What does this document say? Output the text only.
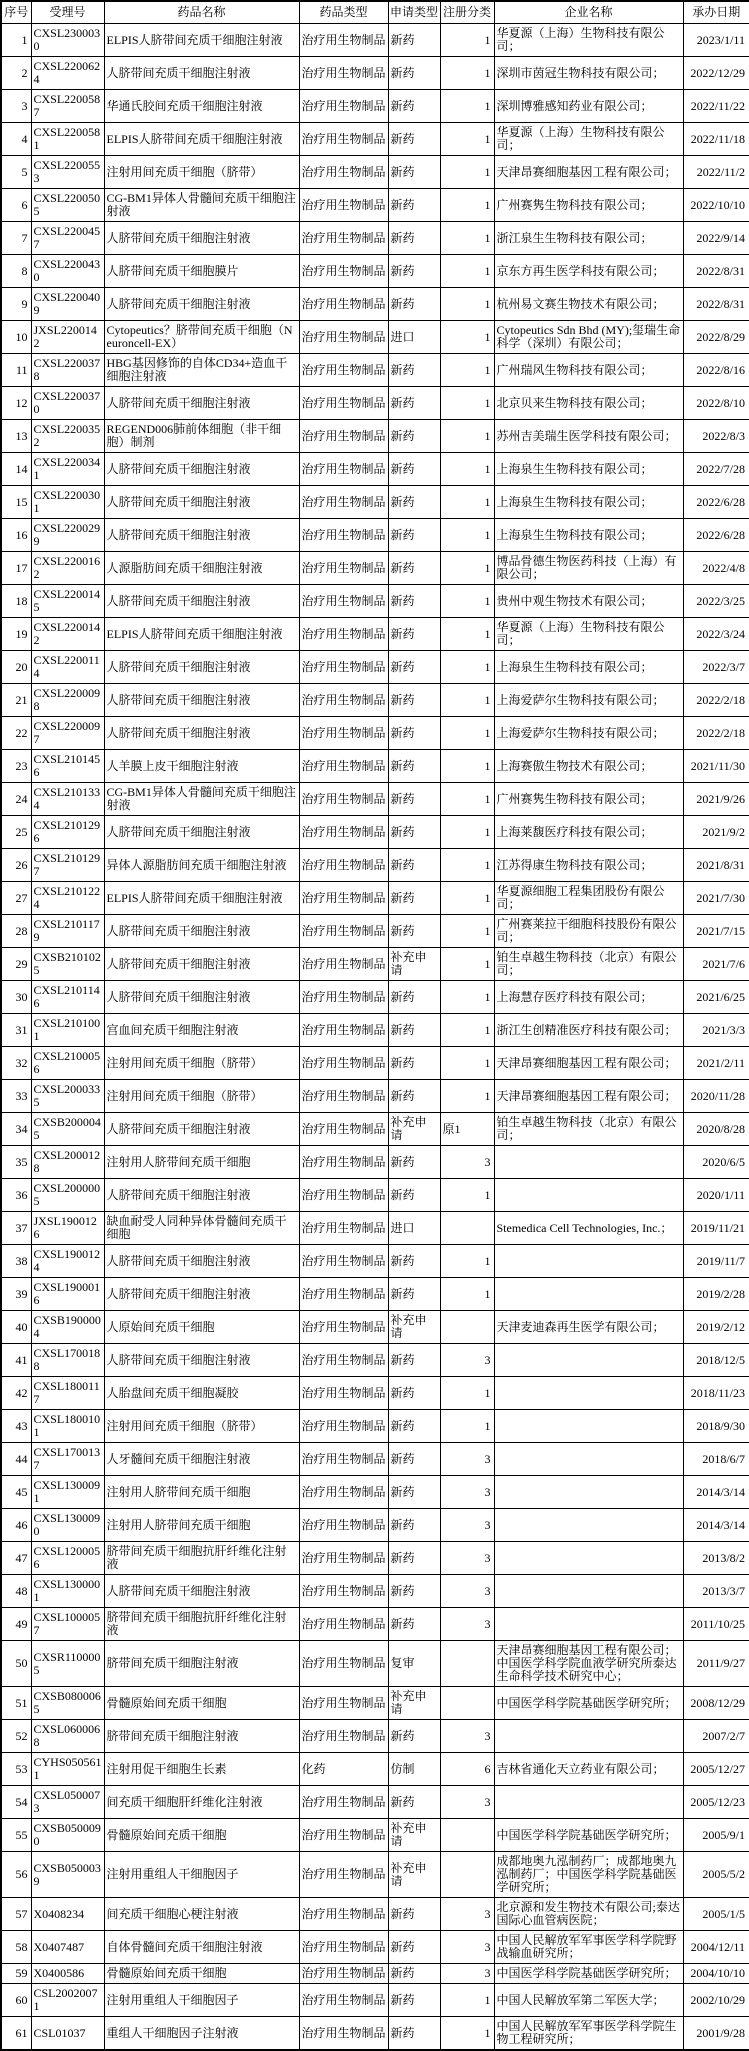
序号	受理号	药品名称	药品类型	申请类型	注册分类	企业名称	承办日期
1	CXSL2300030	ELPIS人脐带间充质干细胞注射液	治疗用生物制品	新药	1	华夏源（上海）生物科技有限公司；	2023/1/11
2	CXSL2200624	人脐带间充质干细胞注射液	治疗用生物制品	新药	1	深圳市茵冠生物科技有限公司；	2022/12/29
3	CXSL2200587	华通氏胶间充质干细胞注射液	治疗用生物制品	新药	1	深圳博雅感知药业有限公司；	2022/11/22
4	CXSL2200581	ELPIS人脐带间充质干细胞注射液	治疗用生物制品	新药	1	华夏源（上海）生物科技有限公司；	2022/11/18
5	CXSL2200553	注射用间充质干细胞（脐带）	治疗用生物制品	新药	1	天津昂赛细胞基因工程有限公司；	2022/11/2
6	CXSL2200505	CG-BM1异体人骨髓间充质干细胞注射液	治疗用生物制品	新药	1	广州赛隽生物科技有限公司；	2022/10/10
7	CXSL2200457	人脐带间充质干细胞注射液	治疗用生物制品	新药	1	浙江泉生生物科技有限公司；	2022/9/14
8	CXSL2200430	人脐带间充质干细胞膜片	治疗用生物制品	新药	1	京东方再生医学科技有限公司；	2022/8/31
9	CXSL2200409	人脐带间充质干细胞注射液	治疗用生物制品	新药	1	杭州易文赛生物技术有限公司；	2022/8/31
10	JXSL2200142	Cytopeutics？脐带间充质干细胞（Neuroncell-EX）	治疗用生物制品	进口	1	Cytopeutics Sdn Bhd (MY);玺瑞生命科学（深圳）有限公司；	2022/8/29
11	CXSL2200378	HBG基因修饰的自体CD34+造血干细胞注射液	治疗用生物制品	新药	1	广州瑞风生物科技有限公司；	2022/8/16
12	CXSL2200370	人脐带间充质干细胞注射液	治疗用生物制品	新药	1	北京贝来生物科技有限公司；	2022/8/10
13	CXSL2200352	REGEND006肺前体细胞（非干细胞）制剂	治疗用生物制品	新药	1	苏州吉美瑞生医学科技有限公司；	2022/8/3
14	CXSL2200341	人脐带间充质干细胞注射液	治疗用生物制品	新药	1	上海泉生生物科技有限公司；	2022/7/28
15	CXSL2200301	人脐带间充质干细胞注射液	治疗用生物制品	新药	1	上海泉生生物科技有限公司；	2022/6/28
16	CXSL2200299	人脐带间充质干细胞注射液	治疗用生物制品	新药	1	上海泉生生物科技有限公司；	2022/6/28
17	CXSL2200162	人源脂肪间充质干细胞注射液	治疗用生物制品	新药	1	博品骨德生物医药科技（上海）有限公司；	2022/4/8
18	CXSL2200145	人脐带间充质干细胞注射液	治疗用生物制品	新药	1	贵州中观生物技术有限公司；	2022/3/25
19	CXSL2200142	ELPIS人脐带间充质干细胞注射液	治疗用生物制品	新药	1	华夏源（上海）生物科技有限公司；	2022/3/24
20	CXSL2200114	人脐带间充质干细胞注射液	治疗用生物制品	新药	1	上海泉生生物科技有限公司；	2022/3/7
21	CXSL2200098	人脐带间充质干细胞注射液	治疗用生物制品	新药	1	上海爱萨尔生物科技有限公司；	2022/2/18
22	CXSL2200097	人脐带间充质干细胞注射液	治疗用生物制品	新药	1	上海爱萨尔生物科技有限公司；	2022/2/18
23	CXSL2101456	人羊膜上皮干细胞注射液	治疗用生物制品	新药	1	上海赛傲生物技术有限公司；	2021/11/30
24	CXSL2101334	CG-BM1异体人骨髓间充质干细胞注射液	治疗用生物制品	新药	1	广州赛隽生物科技有限公司；	2021/9/26
25	CXSL2101296	人脐带间充质干细胞注射液	治疗用生物制品	新药	1	上海莱馥医疗科技有限公司；	2021/9/2
26	CXSL2101297	异体人源脂肪间充质干细胞注射液	治疗用生物制品	新药	1	江苏得康生物科技有限公司；	2021/8/31
27	CXSL2101224	ELPIS人脐带间充质干细胞注射液	治疗用生物制品	新药	1	华夏源细胞工程集团股份有限公司；	2021/7/30
28	CXSL2101179	人脐带间充质干细胞注射液	治疗用生物制品	新药	1	广州赛莱拉干细胞科技股份有限公司；	2021/7/15
29	CXSB2101025	人脐带间充质干细胞注射液	治疗用生物制品	补充申请	1	铂生卓越生物科技（北京）有限公司；	2021/7/6
30	CXSL2101146	人脐带间充质干细胞注射液	治疗用生物制品	新药	1	上海慧存医疗科技有限公司；	2021/6/25
31	CXSL2101001	宫血间充质干细胞注射液	治疗用生物制品	新药	1	浙江生创精准医疗科技有限公司；	2021/3/3
32	CXSL2100056	注射用间充质干细胞（脐带）	治疗用生物制品	新药	1	天津昂赛细胞基因工程有限公司；	2021/2/11
33	CXSL2000335	注射用间充质干细胞（脐带）	治疗用生物制品	新药	1	天津昂赛细胞基因工程有限公司；	2020/11/28
34	CXSB2000045	人脐带间充质干细胞注射液	治疗用生物制品	补充申请	原1	铂生卓越生物科技（北京）有限公司；	2020/8/28
35	CXSL2000128	注射用人脐带间充质干细胞	治疗用生物制品	新药	3		2020/6/5
36	CXSL2000005	人脐带间充质干细胞注射液	治疗用生物制品	新药	1		2020/1/11
37	JXSL1900126	缺血耐受人同种异体骨髓间充质干细胞	治疗用生物制品	进口		Stemedica Cell Technologies, Inc.；	2019/11/21
38	CXSL1900124	人脐带间充质干细胞注射液	治疗用生物制品	新药	1		2019/11/7
39	CXSL1900016	人脐带间充质干细胞注射液	治疗用生物制品	新药	1		2019/2/28
40	CXSB1900004	人原始间充质干细胞	治疗用生物制品	补充申请		天津麦迪森再生医学有限公司；	2019/2/12
41	CXSL1700188	人脐带间充质干细胞注射液	治疗用生物制品	新药	3		2018/12/5
42	CXSL1800117	人胎盘间充质干细胞凝胶	治疗用生物制品	新药	1		2018/11/23
43	CXSL1800101	注射用间充质干细胞（脐带）	治疗用生物制品	新药	1		2018/9/30
44	CXSL1700137	人牙髓间充质干细胞注射液	治疗用生物制品	新药	3		2018/6/7
45	CXSL1300091	注射用人脐带间充质干细胞	治疗用生物制品	新药	3		2014/3/14
46	CXSL1300090	注射用人脐带间充质干细胞	治疗用生物制品	新药	3		2014/3/14
47	CXSL1200056	脐带间充质干细胞抗肝纤维化注射液	治疗用生物制品	新药	3		2013/8/2
48	CXSL1300001	人脐带间充质干细胞注射液	治疗用生物制品	新药	3		2013/3/7
49	CXSL1000057	脐带间充质干细胞抗肝纤维化注射液	治疗用生物制品	新药	3		2011/10/25
50	CXSR1100005	脐带间充质干细胞注射液	治疗用生物制品	复审		天津昂赛细胞基因工程有限公司；中国医学科学院血液学研究所泰达生命科学技术研究中心；	2011/9/27
51	CXSB0800065	骨髓原始间充质干细胞	治疗用生物制品	补充申请		中国医学科学院基础医学研究所；	2008/12/29
52	CXSL0600068	脐带间充质干细胞注射液	治疗用生物制品	新药	3		2007/2/7
53	CYHS0505611	注射用促干细胞生长素	化药	仿制	6	吉林省通化天立药业有限公司；	2005/12/27
54	CXSL0500073	间充质干细胞肝纤维化注射液	治疗用生物制品	新药	3		2005/12/23
55	CXSB0500090	骨髓原始间充质干细胞	治疗用生物制品	补充申请		中国医学科学院基础医学研究所；	2005/9/1
56	CXSB0500039	注射用重组人干细胞因子	治疗用生物制品	补充申请		成都地奥九泓制药厂；成都地奥九泓制药厂；中国医学科学院基础医学研究所；	2005/5/2
57	X0408234	间充质干细胞心梗注射液	治疗用生物制品	新药	3	北京源和发生物技术有限公司;泰达国际心血管病医院；	2005/1/5
58	X0407487	自体骨髓间充质干细胞注射液	治疗用生物制品	新药	3	中国人民解放军军事医学科学院野战输血研究所；	2004/12/11
59	X0400586	骨髓原始间充质干细胞	治疗用生物制品	新药	3	中国医学科学院基础医学研究所；	2004/10/10
60	CSL20020071	注射用重组人干细胞因子	治疗用生物制品	新药	1	中国人民解放军第二军医大学；	2002/10/29
61	CSL01037	重组人干细胞因子注射液	治疗用生物制品	新药	1	中国人民解放军军事医学科学院生物工程研究所；	2001/9/28
